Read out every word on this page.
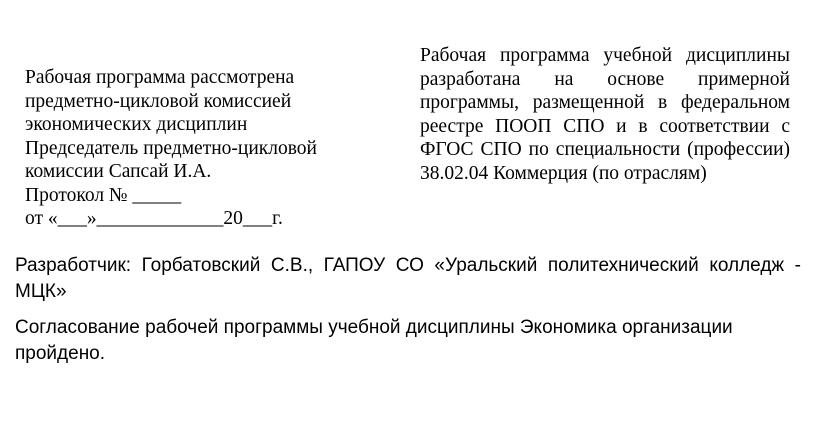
Рабочая программа рассмотрена
предметно-цикловой комиссией
экономических дисциплин
Председатель предметно-цикловой
комиссии Сапсай И.А.
Протокол № _____
от «___»_____________20___г.
Рабочая программа учебной дисциплины
разработана на основе примерной
программы, размещенной в федеральном
реестре ПООП СПО и в соответствии с
ФГОС СПО по специальности (профессии)
38.02.04 Коммерция (по отраслям)
Разработчик: Горбатовский С.В., ГАПОУ СО «Уральский политехнический колледж -
МЦК»
Согласование рабочей программы учебной дисциплины Экономика организации
пройдено.
